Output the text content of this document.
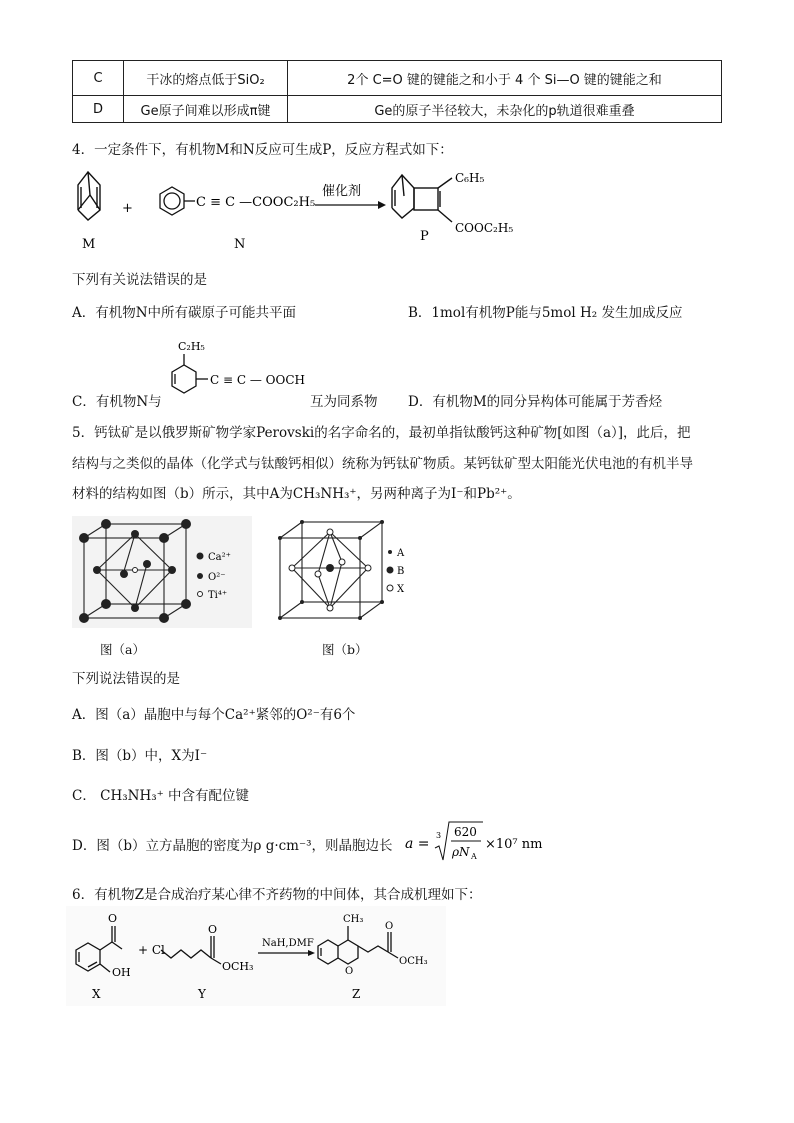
C	干冰的熔点低于SiO₂	2个 C=O 键的键能之和小于 4 个 Si—O 键的键能之和
D	Ge原子间难以形成π键	Ge的原子半径较大，未杂化的p轨道很难重叠
4．一定条件下，有机物M和N反应可生成P，反应方程式如下：
M
+	C ≡ C —COOC₂H₅
N
催化剂
C₆H₅
COOC₂H₅
P
下列有关说法错误的是
A．有机物N中所有碳原子可能共平面	B．1mol有机物P能与5mol H₂ 发生加成反应
C．有机物N与
C₂H₅
C ≡ C — OOCH
互为同系物 D．有机物M的同分异构体可能属于芳香烃
5．钙钛矿是以俄罗斯矿物学家Perovski的名字命名的，最初单指钛酸钙这种矿物[如图（a）]，此后，把
结构与之类似的晶体（化学式与钛酸钙相似）统称为钙钛矿物质。某钙钛矿型太阳能光伏电池的有机半导
材料的结构如图（b）所示，其中A为CH₃NH₃⁺，另两种离子为I⁻和Pb²⁺。
Ca²⁺
O²⁻
Ti⁴⁺
A
B
X
图（a）	图（b）
下列说法错误的是
A．图（a）晶胞中与每个Ca²⁺紧邻的O²⁻有6个
B．图（b）中，X为I⁻
C． CH₃NH₃⁺ 中含有配位键
D．图（b）立方晶胞的密度为ρ g·cm⁻³，则晶胞边长 a =
3 620
ρN A
×10⁷ nm
6．有机物Z是合成治疗某心律不齐药物的中间体，其合成机理如下：
O
OH
X
+ Cl
O
OCH₃
Y
NaH,DMF
CH₃
O
O
OCH₃
Z
